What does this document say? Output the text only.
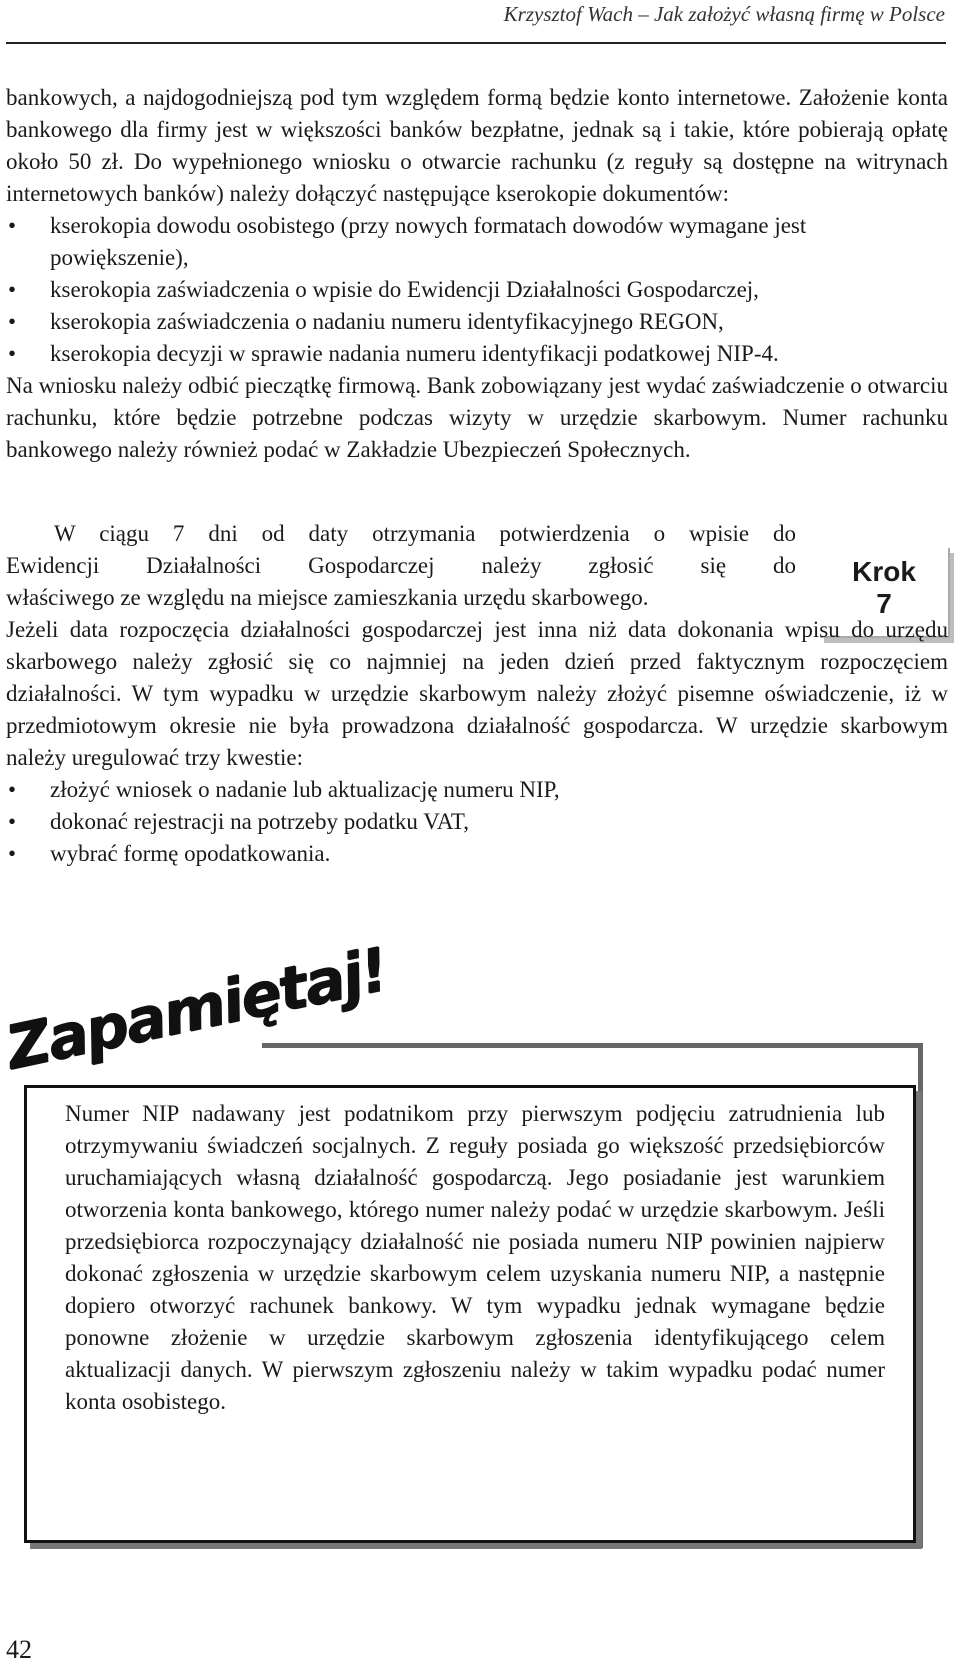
Krzysztof Wach – Jak założyć własną firmę w Polsce

bankowych, a najdogodniejszą pod tym względem formą będzie konto internetowe. Założenie konta bankowego dla firmy jest w większości banków bezpłatne, jednak są i takie, które pobierają opłatę około 50 zł. Do wypełnionego wniosku o otwarcie rachunku (z reguły są dostępne na witrynach internetowych banków) należy dołączyć następujące kserokopie dokumentów:

• kserokopia dowodu osobistego (przy nowych formatach dowodów wymagane jest powiększenie),
• kserokopia zaświadczenia o wpisie do Ewidencji Działalności Gospodarczej,
• kserokopia zaświadczenia o nadaniu numeru identyfikacyjnego REGON,
• kserokopia decyzji w sprawie nadania numeru identyfikacji podatkowej NIP-4.

Na wniosku należy odbić pieczątkę firmową. Bank zobowiązany jest wydać zaświadczenie o otwarciu rachunku, które będzie potrzebne podczas wizyty w urzędzie skarbowym. Numer rachunku bankowego należy również podać w Zakładzie Ubezpieczeń Społecznych.

W ciągu 7 dni od daty otrzymania potwierdzenia o wpisie do
Ewidencji Działalności Gospodarczej należy zgłosić się do
właściwego ze względu na miejsce zamieszkania urzędu skarbowego.
Krok
7

Jeżeli data rozpoczęcia działalności gospodarczej jest inna niż data dokonania wpisu do urzędu skarbowego należy zgłosić się co najmniej na jeden dzień przed faktycznym rozpoczęciem działalności. W tym wypadku w urzędzie skarbowym należy złożyć pisemne oświadczenie, iż w przedmiotowym okresie nie była prowadzona działalność gospodarcza. W urzędzie skarbowym należy uregulować trzy kwestie:

• złożyć wniosek o nadanie lub aktualizację numeru NIP,
• dokonać rejestracji na potrzeby podatku VAT,
• wybrać formę opodatkowania.
Zapamiętaj!
Numer NIP nadawany jest podatnikom przy pierwszym podjęciu zatrudnienia lub otrzymywaniu świadczeń socjalnych. Z reguły posiada go większość przedsiębiorców uruchamiających własną działalność gospodarczą. Jego posiadanie jest warunkiem otworzenia konta bankowego, którego numer należy podać w urzędzie skarbowym. Jeśli przedsiębiorca rozpoczynający działalność nie posiada numeru NIP powinien najpierw dokonać zgłoszenia w urzędzie skarbowym celem uzyskania numeru NIP, a następnie dopiero otworzyć rachunek bankowy. W tym wypadku jednak wymagane będzie ponowne złożenie w urzędzie skarbowym zgłoszenia identyfikującego celem aktualizacji danych. W pierwszym zgłoszeniu należy w takim wypadku podać numer konta osobistego.
42
